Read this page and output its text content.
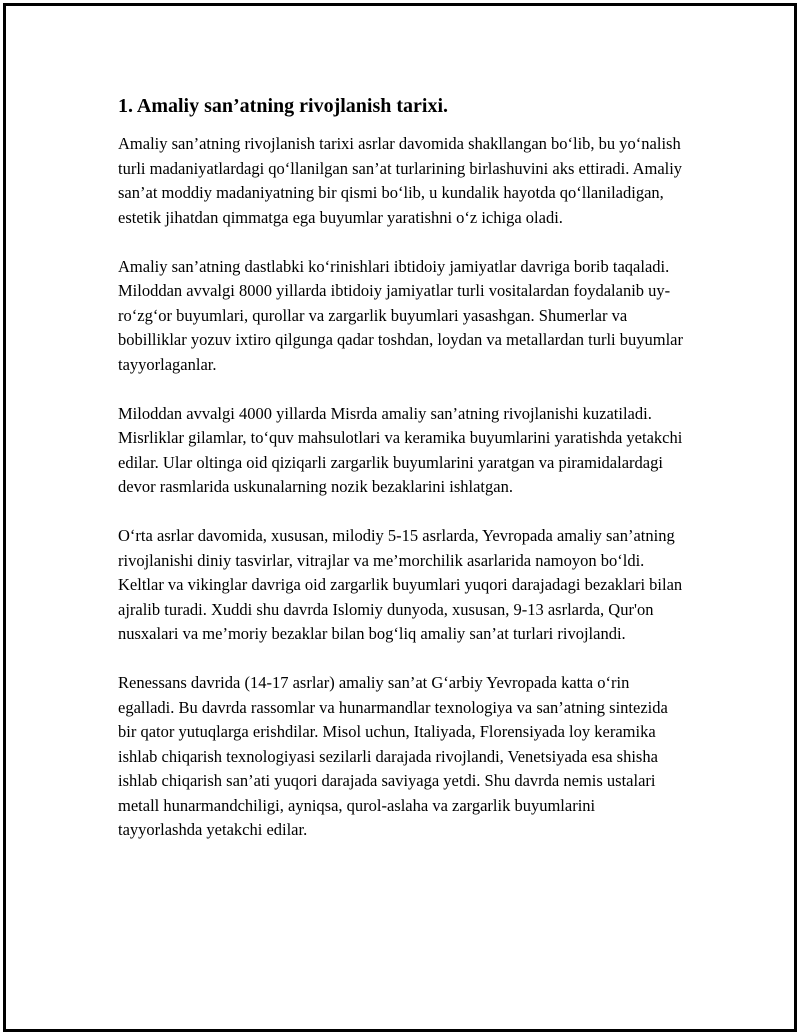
1. Amaliy san’atning rivojlanish tarixi.

Amaliy san’atning rivojlanish tarixi asrlar davomida shakllangan bo‘lib, bu yo‘nalish turli madaniyatlardagi qo‘llanilgan san’at turlarining birlashuvini aks ettiradi. Amaliy san’at moddiy madaniyatning bir qismi bo‘lib, u kundalik hayotda qo‘llaniladigan, estetik jihatdan qimmatga ega buyumlar yaratishni o‘z ichiga oladi.

Amaliy san’atning dastlabki ko‘rinishlari ibtidoiy jamiyatlar davriga borib taqaladi. Miloddan avvalgi 8000 yillarda ibtidoiy jamiyatlar turli vositalardan foydalanib uy-ro‘zg‘or buyumlari, qurollar va zargarlik buyumlari yasashgan. Shumerlar va bobilliklar yozuv ixtiro qilgunga qadar toshdan, loydan va metallardan turli buyumlar tayyorlaganlar.

Miloddan avvalgi 4000 yillarda Misrda amaliy san’atning rivojlanishi kuzatiladi. Misrliklar gilamlar, to‘quv mahsulotlari va keramika buyumlarini yaratishda yetakchi edilar. Ular oltinga oid qiziqarli zargarlik buyumlarini yaratgan va piramidalardagi devor rasmlarida uskunalarning nozik bezaklarini ishlatgan.

O‘rta asrlar davomida, xususan, milodiy 5-15 asrlarda, Yevropada amaliy san’atning rivojlanishi diniy tasvirlar, vitrajlar va me’morchilik asarlarida namoyon bo‘ldi. Keltlar va vikinglar davriga oid zargarlik buyumlari yuqori darajadagi bezaklari bilan ajralib turadi. Xuddi shu davrda Islomiy dunyoda, xususan, 9-13 asrlarda, Qur'on nusxalari va me’moriy bezaklar bilan bog‘liq amaliy san’at turlari rivojlandi.

Renessans davrida (14-17 asrlar) amaliy san’at G‘arbiy Yevropada katta o‘rin egalladi. Bu davrda rassomlar va hunarmandlar texnologiya va san’atning sintezida bir qator yutuqlarga erishdilar. Misol uchun, Italiyada, Florensiyada loy keramika ishlab chiqarish texnologiyasi sezilarli darajada rivojlandi, Venetsiyada esa shisha ishlab chiqarish san’ati yuqori darajada saviyaga yetdi. Shu davrda nemis ustalari metall hunarmandchiligi, ayniqsa, qurol-aslaha va zargarlik buyumlarini tayyorlashda yetakchi edilar.
